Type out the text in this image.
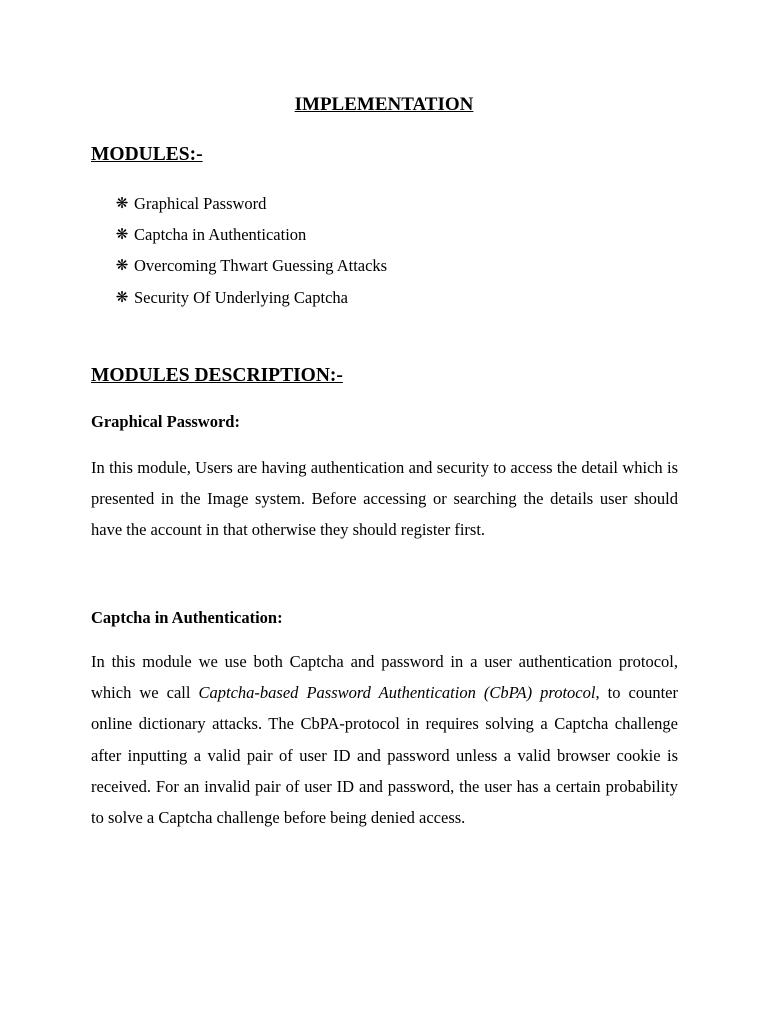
IMPLEMENTATION
MODULES:-
❋ Graphical Password
❋ Captcha in Authentication
❋ Overcoming Thwart Guessing Attacks
❋ Security Of Underlying Captcha
MODULES DESCRIPTION:-
Graphical Password:

In this module, Users are having authentication and security to access the detail which is presented in the Image system. Before accessing or searching the details user should have the account in that otherwise they should register first.

Captcha in Authentication:

In this module we use both Captcha and password in a user authentication protocol, which we call Captcha-based Password Authentication (CbPA) protocol, to counter online dictionary attacks. The CbPA-protocol in requires solving a Captcha challenge after inputting a valid pair of user ID and password unless a valid browser cookie is received. For an invalid pair of user ID and password, the user has a certain probability to solve a Captcha challenge before being denied access.
